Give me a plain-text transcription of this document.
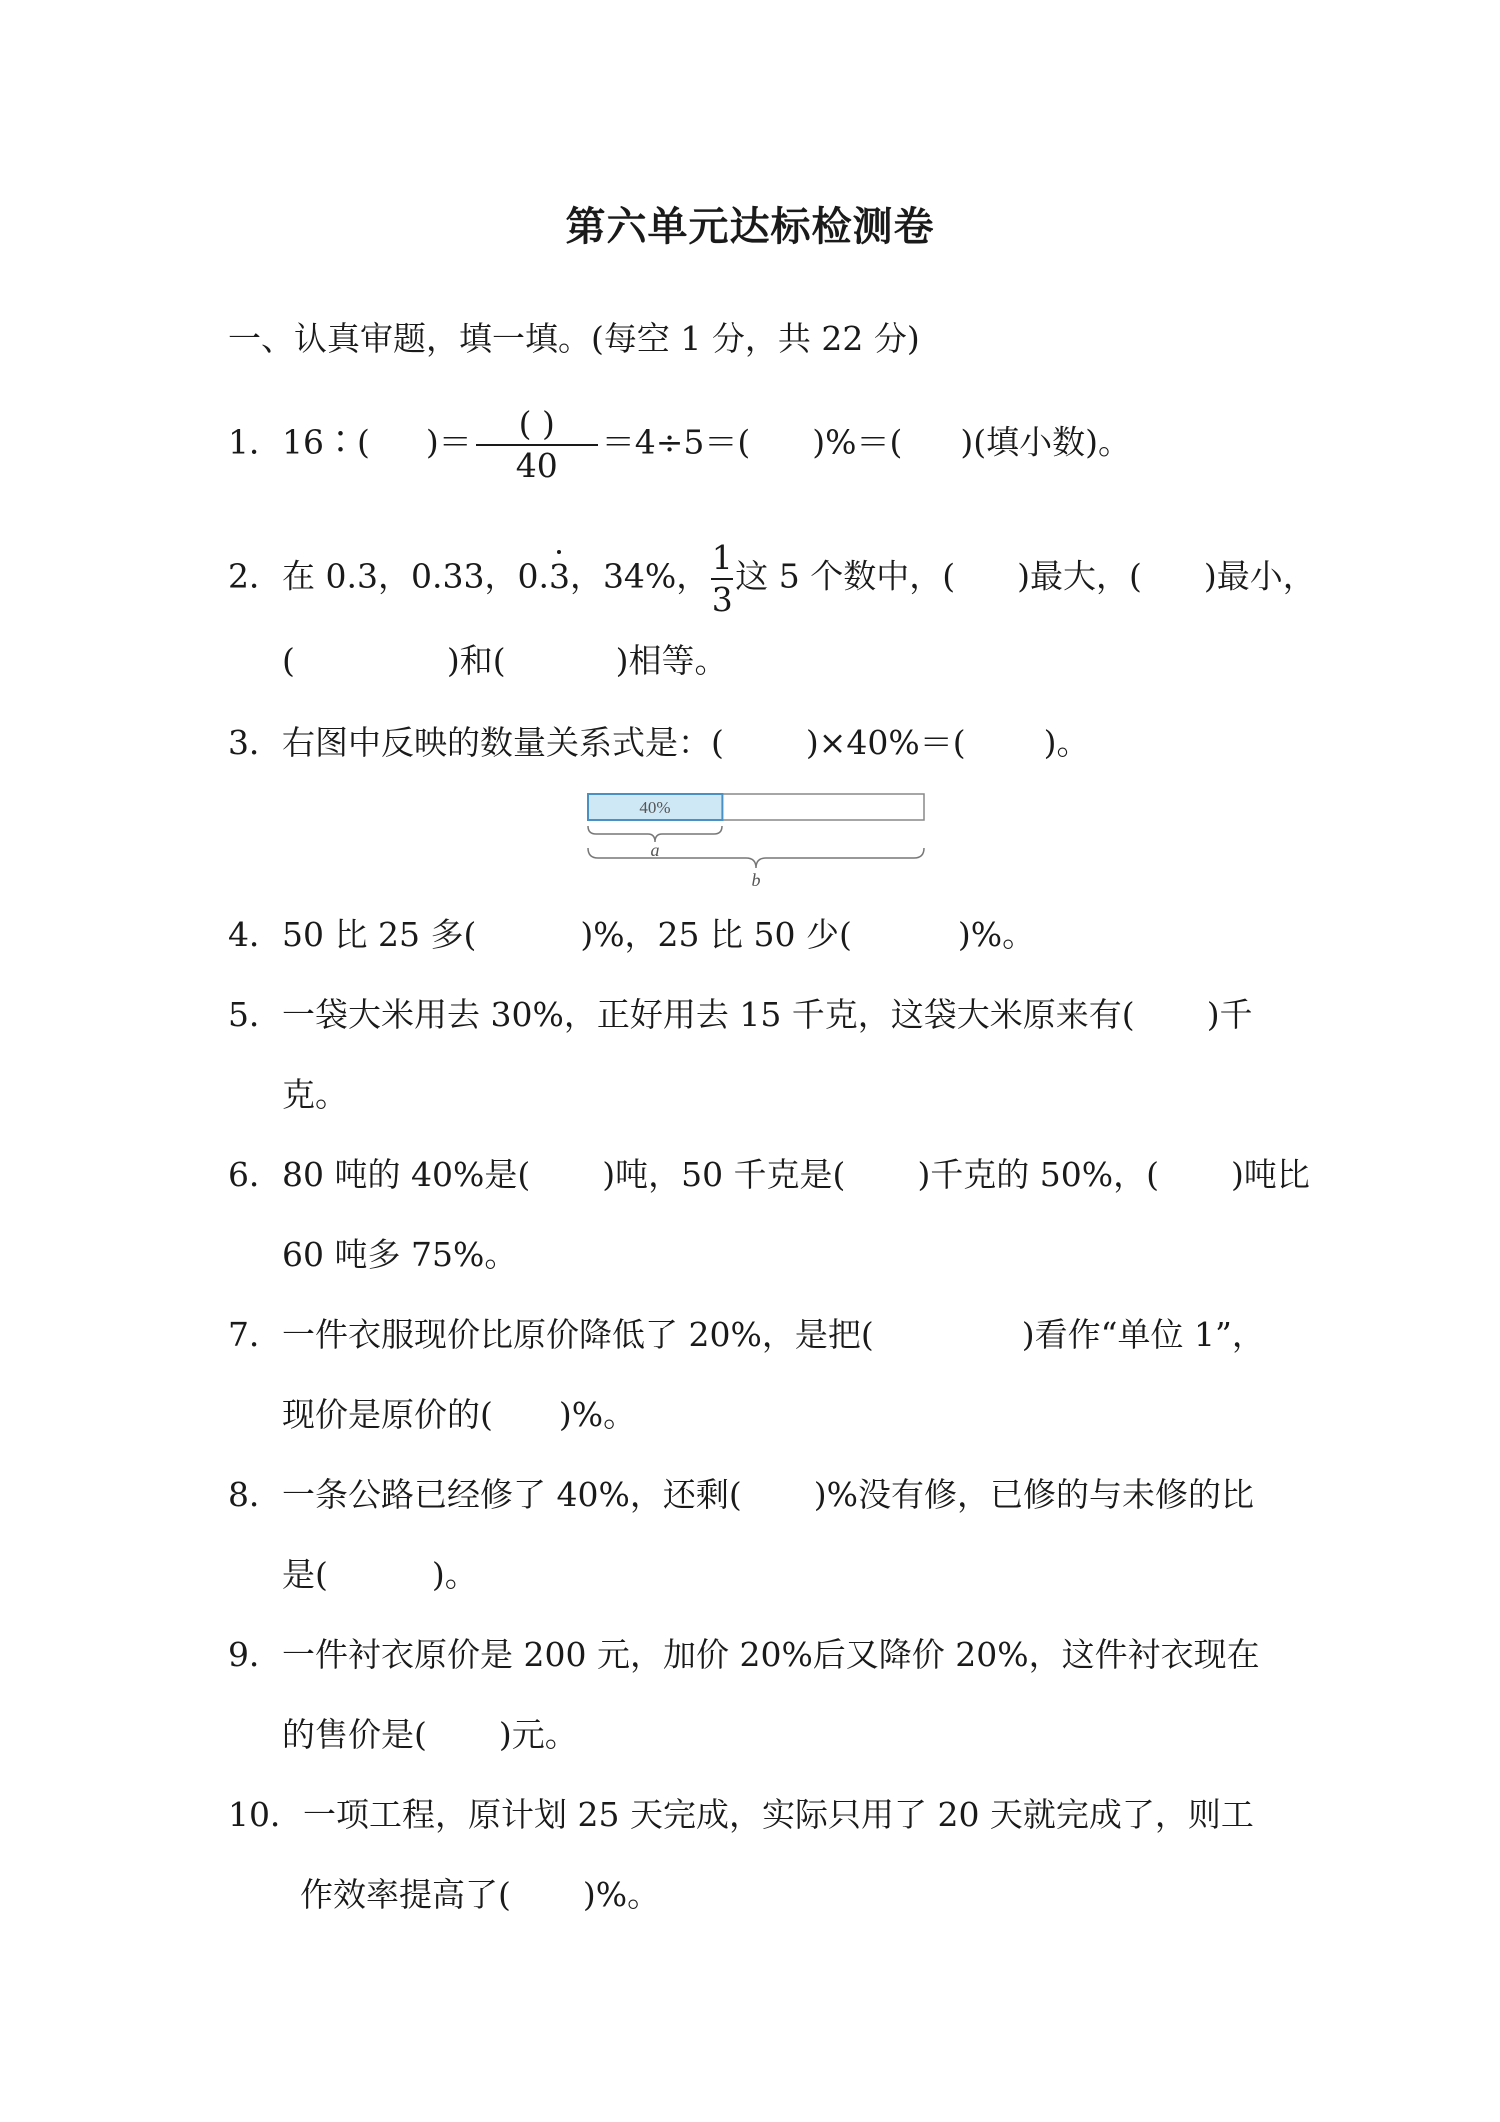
第六单元达标检测卷
一、认真审题，填一填。(每空 1 分，共 22 分)
1．16∶( )＝ $\frac{( )}{40} =4\div 5=$( )%＝( )(填小数)。
2．在 0.3，0.33，0.3，34%， $\frac{1}{3}$ 这 5 个数中，( )最大，( )最小，
(	)和(	)相等。
3．右图中反映的数量关系式是：( )×40%＝( )。
40%
a
b
4．50 比 25 多(	)%，25 比 50 少(	)%。
5．一袋大米用去 30%，正好用去 15 千克，这袋大米原来有( )千
克。
6．80 吨的 40%是( )吨，50 千克是( )千克的 50%，( )吨比
60 吨多 75%。
7．一件衣服现价比原价降低了 20%，是把(	)看作“单位 1”，
现价是原价的( )%。
8．一条公路已经修了 40%，还剩( )%没有修，已修的与未修的比
是(	)。
9．一件衬衣原价是 200 元，加价 20%后又降价 20%，这件衬衣现在
的售价是( )元。
10．一项工程，原计划 25 天完成，实际只用了 20 天就完成了，则工
作效率提高了( )%。
